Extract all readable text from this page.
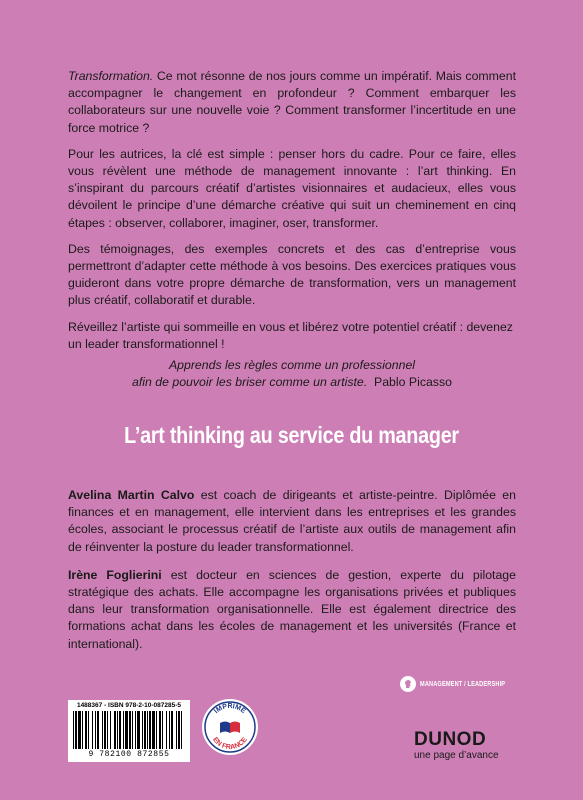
Transformation. Ce mot résonne de nos jours comme un impératif. Mais comment accompagner le changement en profondeur ? Comment embarquer les collaborateurs sur une nouvelle voie ? Comment transformer l’incertitude en une force motrice ?

Pour les autrices, la clé est simple : penser hors du cadre. Pour ce faire, elles vous révèlent une méthode de management innovante : l’art thinking. En s’inspirant du parcours créatif d’artistes visionnaires et audacieux, elles vous dévoilent le principe d’une démarche créative qui suit un cheminement en cinq étapes : observer, collaborer, imaginer, oser, transformer.

Des témoignages, des exemples concrets et des cas d’entreprise vous permettront d’adapter cette méthode à vos besoins. Des exercices pratiques vous guideront dans votre propre démarche de transformation, vers un management plus créatif, collaboratif et durable.

Réveillez l’artiste qui sommeille en vous et libérez votre potentiel créatif : devenez un leader transformationnel !

Apprends les règles comme un professionnel
afin de pouvoir les briser comme un artiste. Pablo Picasso
L’art thinking au service du manager

Avelina Martin Calvo est coach de dirigeants et artiste-peintre. Diplômée en finances et en management, elle intervient dans les entreprises et les grandes écoles, associant le processus créatif de l’artiste aux outils de management afin de réinventer la posture du leader transformationnel.

Irène Foglierini est docteur en sciences de gestion, experte du pilotage stratégique des achats. Elle accompagne les organisations privées et publiques dans leur transformation organisationnelle. Elle est également directrice des formations achat dans les écoles de management et les universités (France et international).

MANAGEMENT / LEADERSHIP
1488367 - ISBN 978-2-10-087285-5
9 782100 872855
IMPRIMÉ
EN FRANCE	DUNOD
une page d’avance
